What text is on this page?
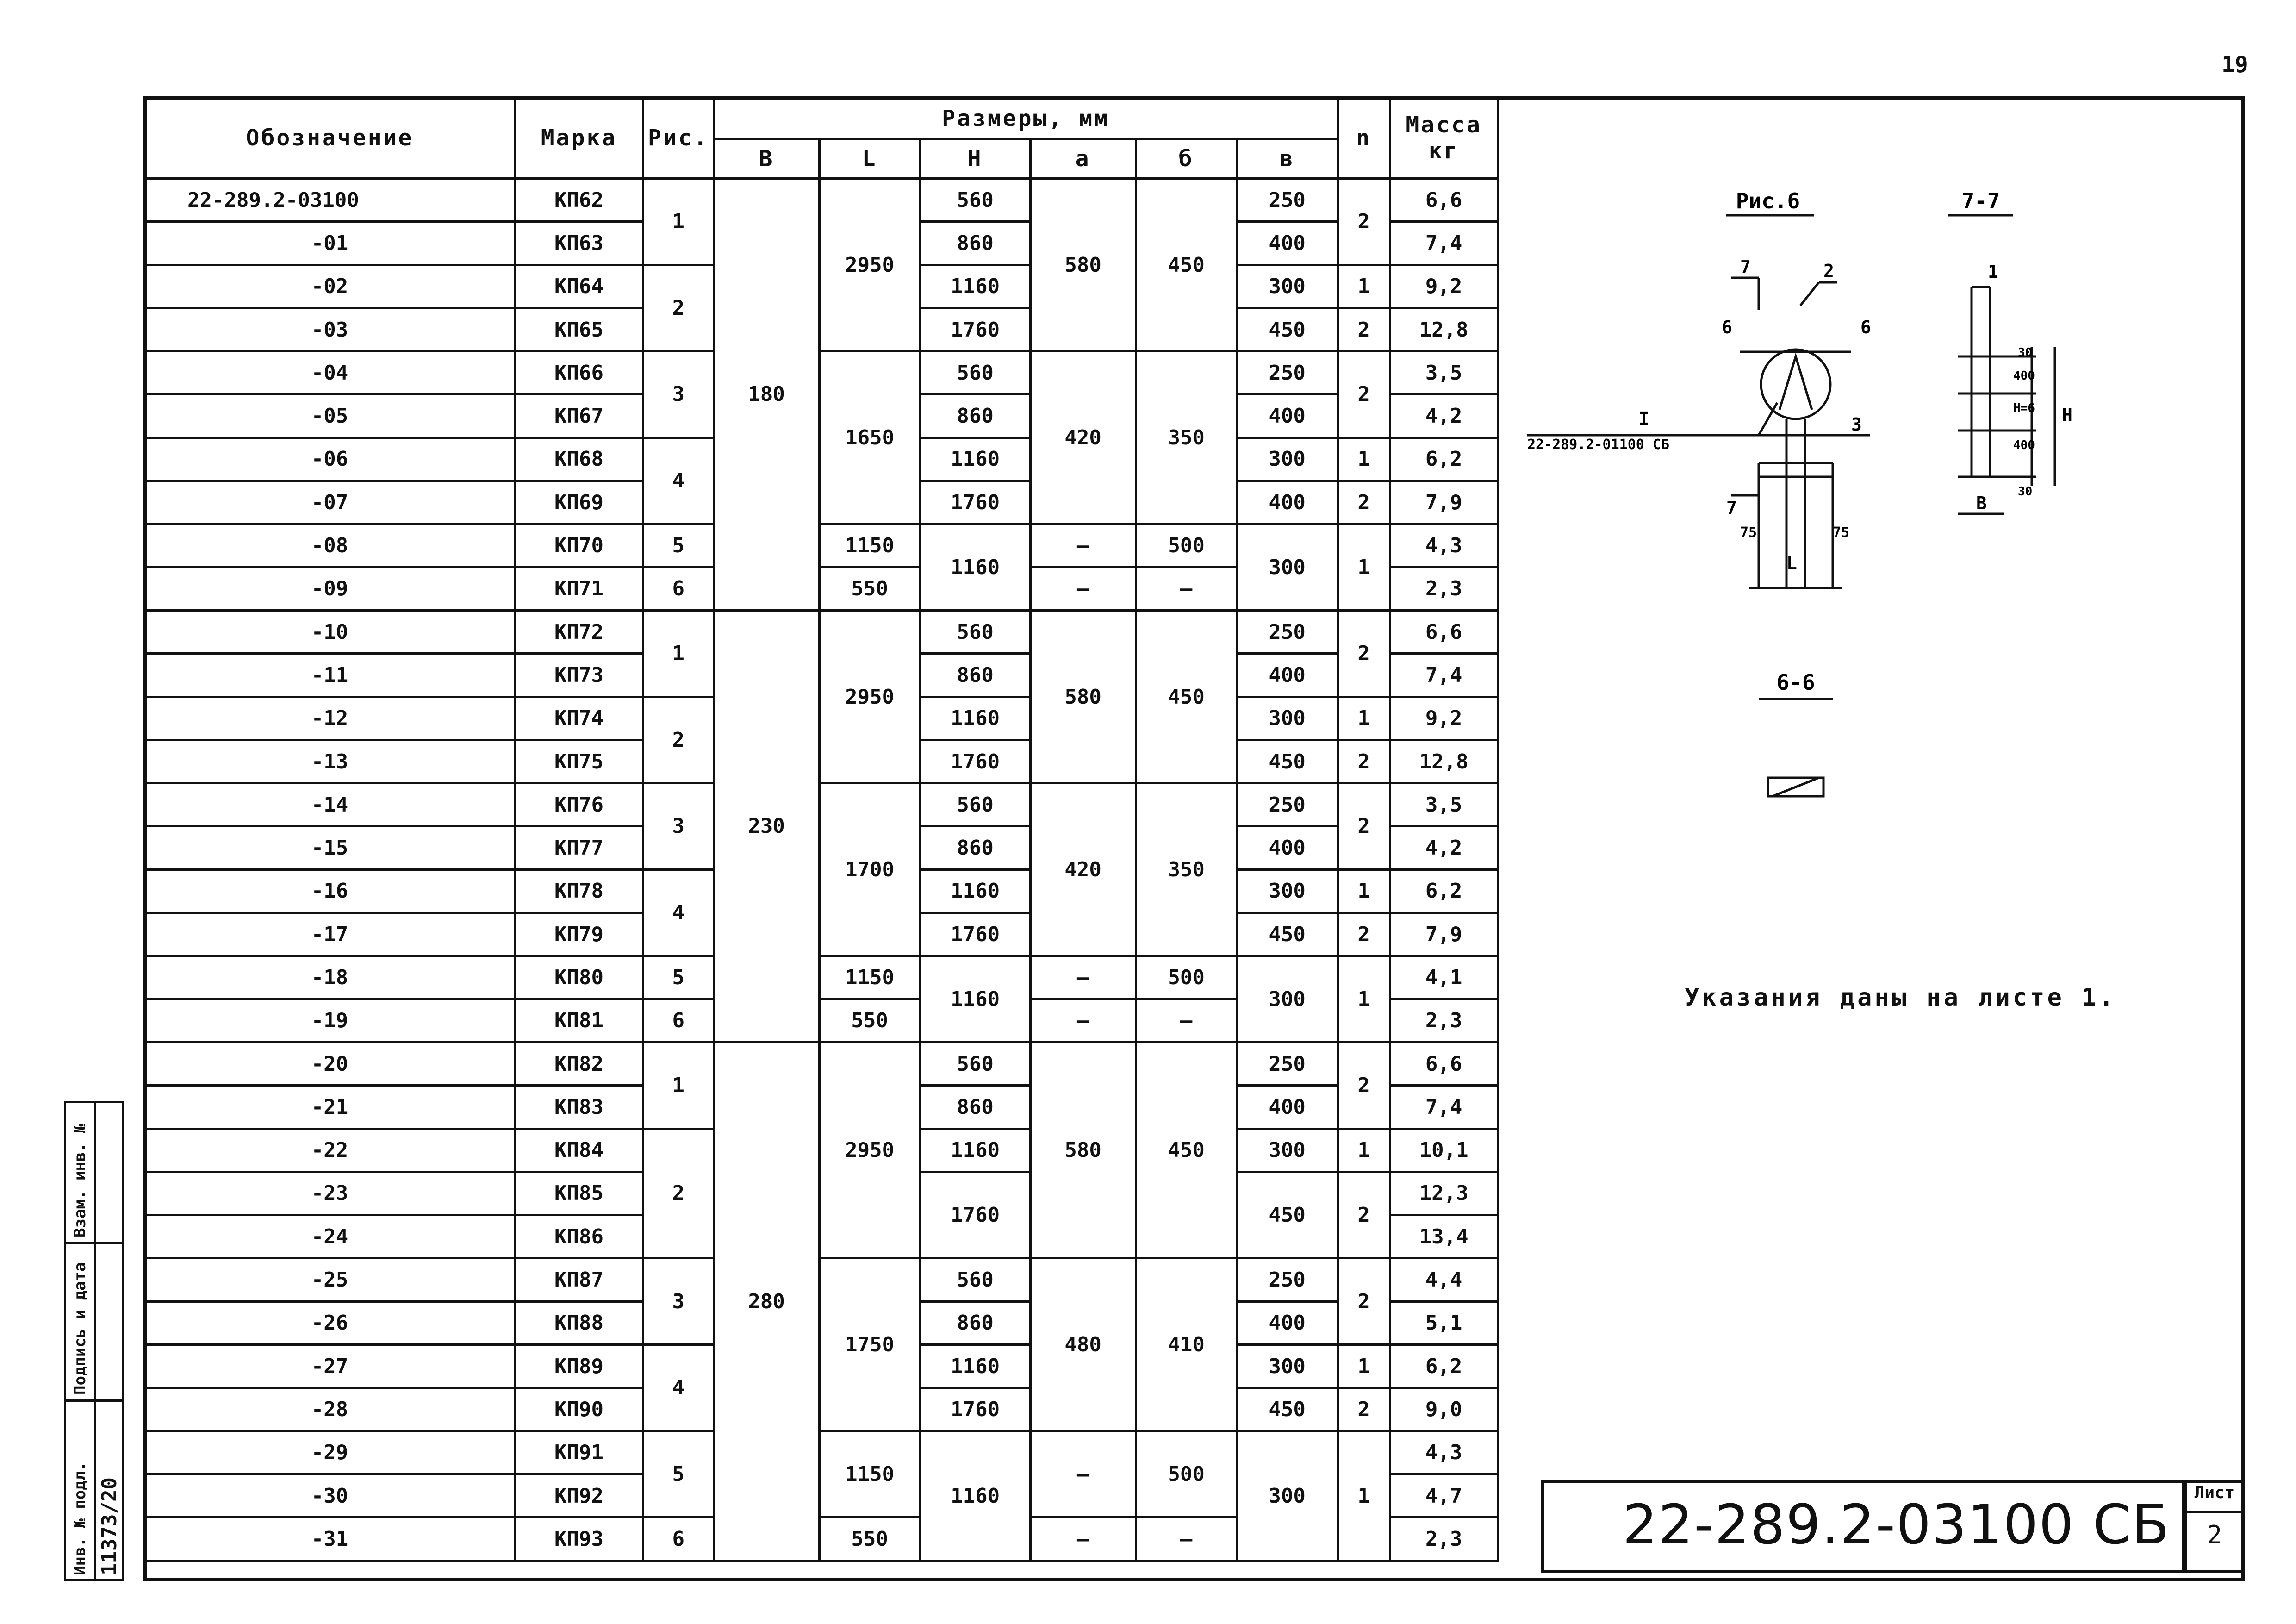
19
Обозначение	Марка	Рис.	Размеры, мм						n	Масса
кг

			B	L	H	a	б	в		
22-289.2-03100	КП62	1	180	2950	560	580	450	250	2	6,6
-01	КП63				860			400		7,4
-02	КП64	2			1160			300	1	9,2
-03	КП65				1760			450	2	12,8
-04	КП66	3		1650	560	420	350	250	2	3,5
-05	КП67				860			400		4,2
-06	КП68	4			1160			300	1	6,2
-07	КП69				1760			400	2	7,9
-08	КП70	5		1150	1160	—	500	300	1	4,3
-09	КП71	6		550		—	—			2,3
-10	КП72	1	230	2950	560	580	450	250	2	6,6
-11	КП73				860			400		7,4
-12	КП74	2			1160			300	1	9,2
-13	КП75				1760			450	2	12,8
-14	КП76	3		1700	560	420	350	250	2	3,5
-15	КП77				860			400		4,2
-16	КП78	4			1160			300	1	6,2
-17	КП79				1760			450	2	7,9
-18	КП80	5		1150	1160	—	500	300	1	4,1
-19	КП81	6		550		—	—			2,3
-20	КП82	1	280	2950	560	580	450	250	2	6,6
-21	КП83				860			400		7,4
-22	КП84	2			1160			300	1	10,1
-23	КП85				1760			450	2	12,3
-24	КП86									13,4
-25	КП87	3		1750	560	480	410	250	2	4,4
-26	КП88				860			400		5,1
-27	КП89	4			1160			300	1	6,2
-28	КП90				1760			450	2	9,0
-29	КП91	5		1150	1160	—	500	300	1	4,3
-30	КП92									4,7
-31	КП93	6		550		—	—			2,3
Инв. № подл. 11373/20
Подпись и дата
Взам. инв. №
Рис.6	7-7
7	2
6	6
3
7
75	75
L
I
22-289.2-01100 СБ
1
30
400
H=6
400
30
B
H
6-6
Указания даны на листе 1.
22-289.2-03100 СБ	Лист
2
